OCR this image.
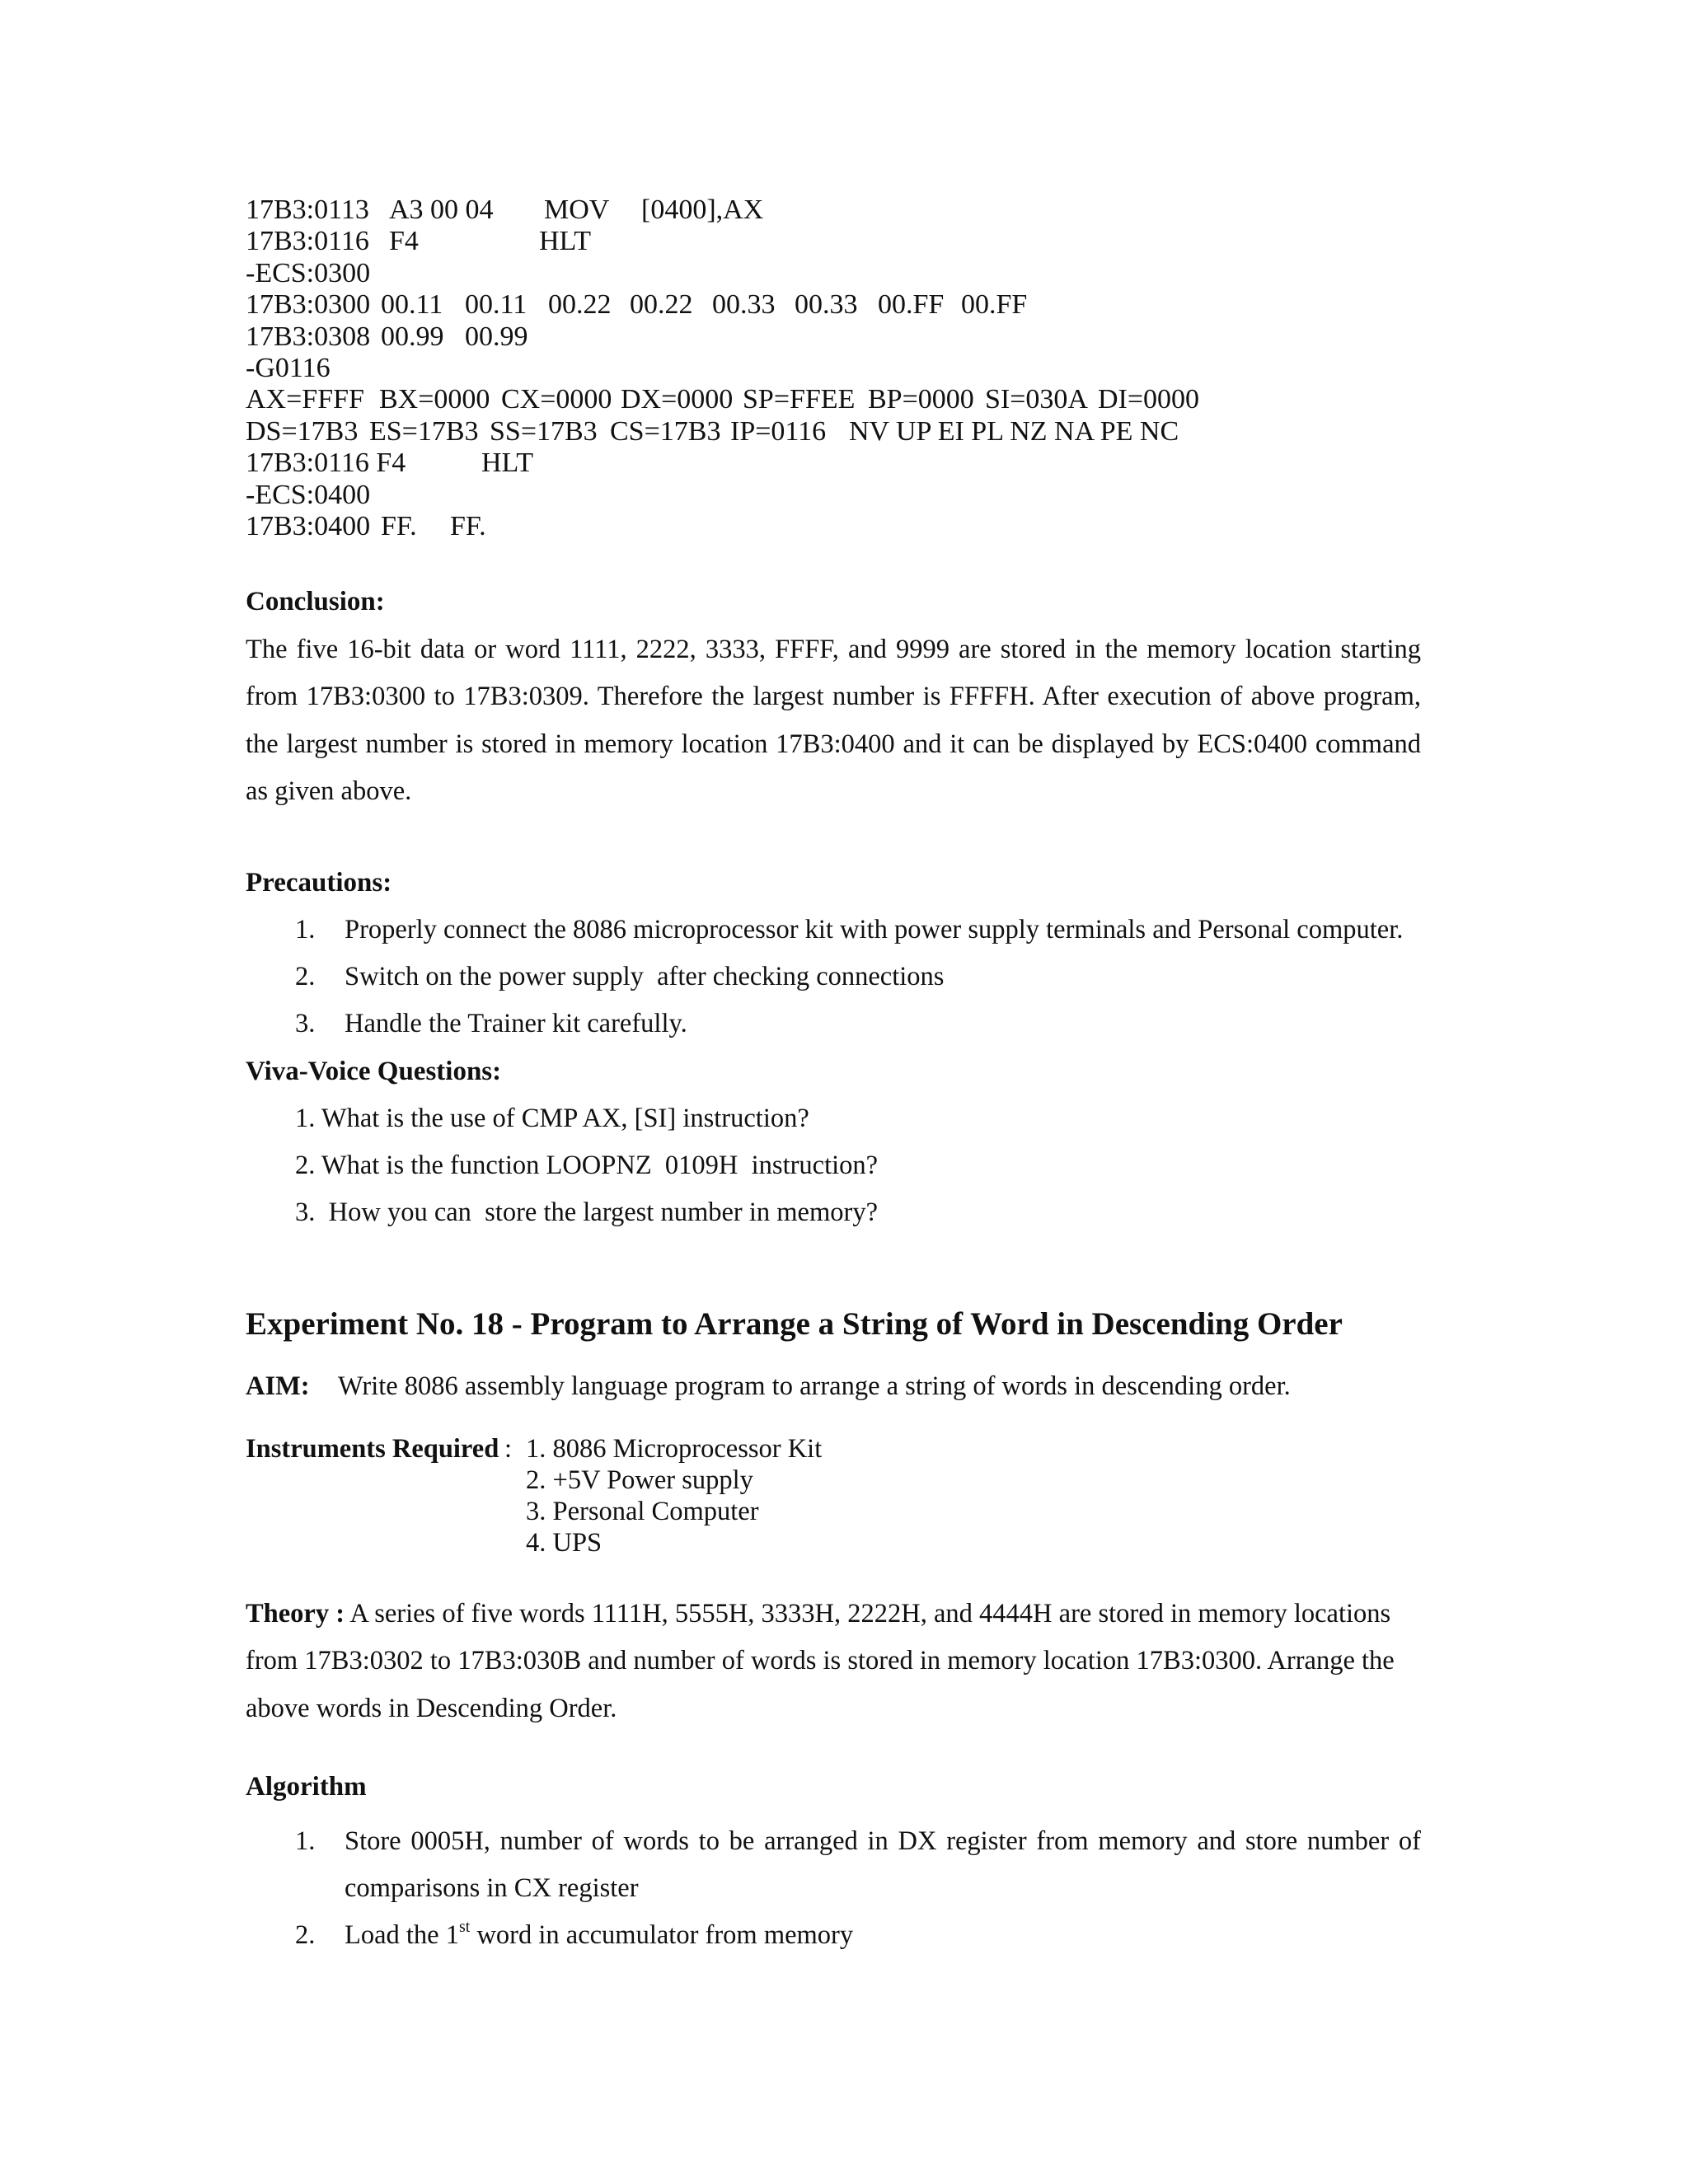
17B3:0113

A3 00 04

MOV

[0400],AX

17B3:0116

F4

	HLT

-ECS:0300

17B3:0300

00.11

00.11

00.22

00.22

00.33

00.33

00.FF

00.FF

17B3:0308

00.99

00.99

-G0116

AX=FFFF

BX=0000

CX=0000

DX=0000

SP=FFEE

BP=0000

SI=030A

DI=0000

DS=17B3

ES=17B3

SS=17B3

CS=17B3

IP=0116

NV UP EI PL NZ NA PE NC

17B3:0116 F4

	HLT

-ECS:0400

17B3:0400

FF.

FF.

Conclusion:
The five 16-bit data or word 1111, 2222, 3333, FFFF, and 9999 are stored in the memory location starting from 17B3:0300 to 17B3:0309. Therefore the largest number is FFFFH. After execution of above program, the largest number is stored in memory location 17B3:0400 and it can be displayed by ECS:0400 command as given above.
Precautions:
1. Properly connect the 8086 microprocessor kit with power supply terminals and Personal computer.
2. Switch on the power supply  after checking connections
3. Handle the Trainer kit carefully.
Viva-Voice Questions:
1. What is the use of CMP AX, [SI] instruction?
2. What is the function LOOPNZ  0109H  instruction?
3.  How you can  store the largest number in memory?
Experiment No. 18 - Program to Arrange a String of Word in Descending Order
AIM: Write 8086 assembly language program to arrange a string of words in descending order.
Instruments Required : 1. 8086 Microprocessor Kit
2. +5V Power supply
3. Personal Computer
4. UPS
Theory : A series of five words 1111H, 5555H, 3333H, 2222H, and 4444H are stored in memory locations from 17B3:0302 to 17B3:030B and number of words is stored in memory location 17B3:0300. Arrange the above words in Descending Order.
Algorithm
1. Store 0005H, number of words to be arranged in DX register from memory and store number of comparisons in CX register
2. Load the 1st word in accumulator from memory
